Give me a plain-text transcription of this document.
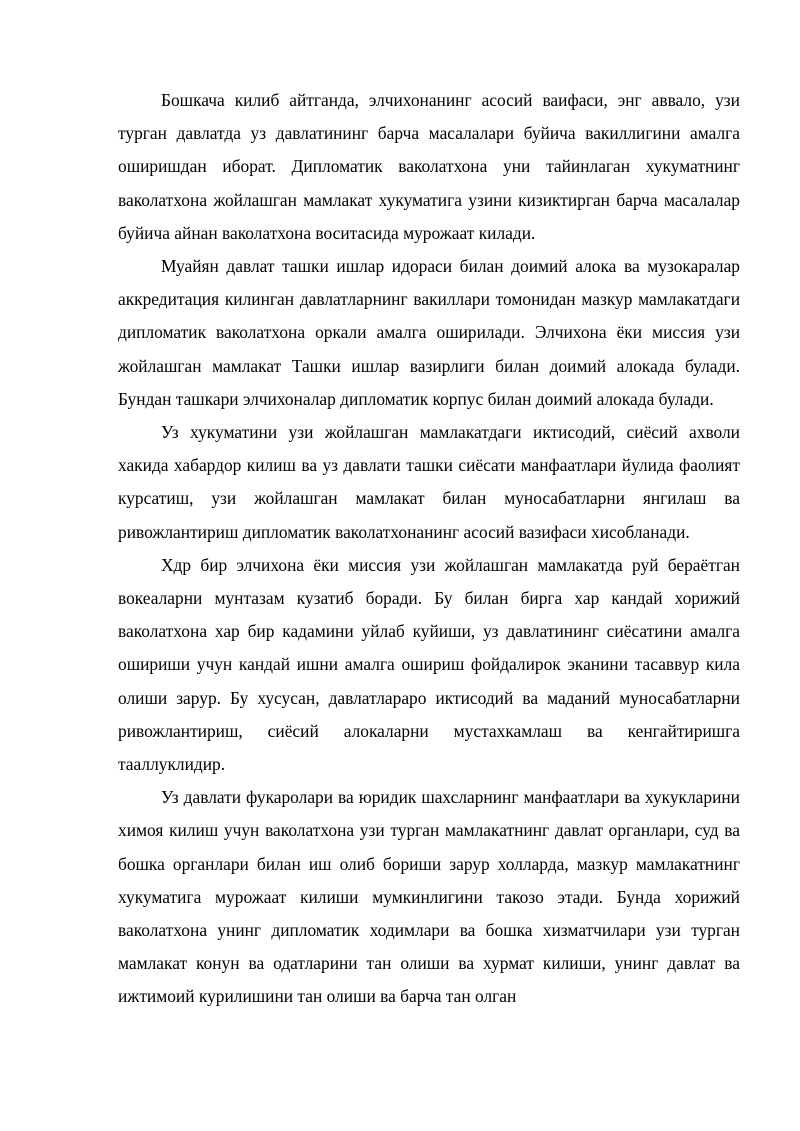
Бошкача килиб айтганда, элчихонанинг асосий ваифаси, энг аввало, узи турган давлатда уз давлатининг барча масалалари буйича вакиллигини амалга оширишдан иборат. Дипломатик ваколатхона уни тайинлаган хукуматнинг ваколатхона жойлашган мамлакат хукуматига узини кизиктирган барча масалалар буйича айнан ваколатхона воситасида мурожаат килади.

Муайян давлат ташки ишлар идораси билан доимий алока ва музокаралар аккредитация килинган давлатларнинг вакиллари томонидан мазкур мамлакатдаги дипломатик ваколатхона оркали амалга оширилади. Элчихона ёки миссия узи жойлашган мамлакат Ташки ишлар вазирлиги билан доимий алокада булади. Бундан ташкари элчихоналар дипломатик корпус билан доимий алокада булади.

Уз хукуматини узи жойлашган мамлакатдаги иктисодий, сиёсий ахволи хакида хабардор килиш ва уз давлати ташки сиёсати манфаатлари йулида фаолият курсатиш, узи жойлашган мамлакат билан муносабатларни янгилаш ва ривожлантириш дипломатик ваколатхонанинг асосий вазифаси хисобланади.

Хдр бир элчихона ёки миссия узи жойлашган мамлакатда руй бераётган вокеаларни мунтазам кузатиб боради. Бу билан бирга хар кандай хорижий ваколатхона хар бир кадамини уйлаб куйиши, уз давлатининг сиёсатини амалга ошириши учун кандай ишни амалга ошириш фойдалирок эканини тасаввур кила олиши зарур. Бу хусусан, давлатлараро иктисодий ва маданий муносабатларни ривожлантириш, сиёсий алокаларни мустахкамлаш ва кенгайтиришга тааллуклидир.

Уз давлати фукаролари ва юридик шахсларнинг манфаатлари ва хукукларини химоя килиш учун ваколатхона узи турган мамлакатнинг давлат органлари, суд ва бошка органлари билан иш олиб бориши зарур холларда, мазкур мамлакатнинг хукуматига мурожаат килиши мумкинлигини такозо этади. Бунда хорижий ваколатхона унинг дипломатик ходимлари ва бошка хизматчилари узи турган мамлакат конун ва одатларини тан олиши ва хурмат килиши, унинг давлат ва ижтимоий курилишини тан олиши ва барча тан олган
